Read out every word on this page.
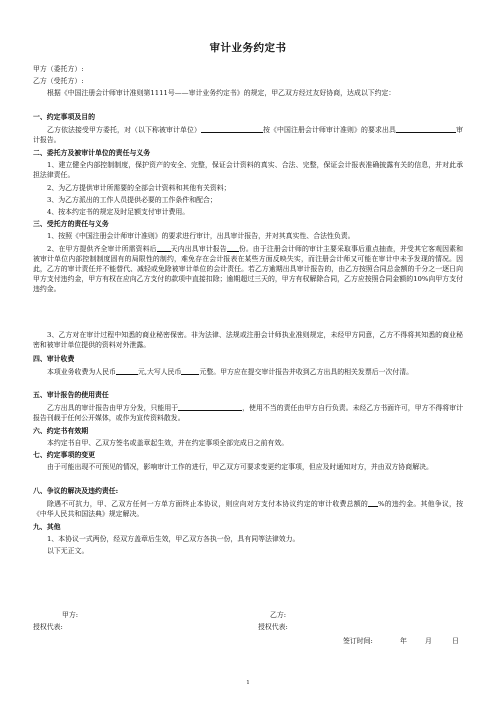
审计业务约定书
甲方（委托方）:
乙方（受托方）:
根据《中国注册会计师审计准则第1111号——审计业务约定书》的规定，甲乙双方经过友好协商，达成以下约定：
一、约定事项及目的
乙方依法接受甲方委托，对（以下称被审计单位）	按《中国注册会计师审计准则》的要求出具	审计报告。
二、委托方及被审计单位的责任与义务
1、建立健全内部控制制度，保护资产的安全、完整，保证会计资料的真实、合法、完整，保证会计报表准确披露有关的信息，并对此承担法律责任。
2、为乙方提供审计所需要的全部会计资料和其他有关资料；
3、为乙方派出的工作人员提供必要的工作条件和配合；
4、按本约定书的规定及时足额支付审计费用。
三、受托方的责任与义务
1、按照《中国注册会计师审计准则》的要求进行审计，出具审计报告，并对其真实性、合法性负责。
2、在甲方提供齐全审计所需资料后 天内出具审计报告 份。由于注册会计师的审计主要采取事后重点抽查，并受其它客观因素和被审计单位内部控制制度固有的局限性的制约，难免存在会计报表在某些方面反映失实，而注册会计师又可能在审计中未予发现的情况。因此，乙方的审计责任并不能替代、减轻或免除被审计单位的会计责任。若乙方逾期出具审计报告的，由乙方按照合同总金额的千分之一逐日向甲方支付违约金，甲方有权在应向乙方支付的款项中直接扣除；逾期超过三天的，甲方有权解除合同，乙方应按照合同金额的10%向甲方支付违约金。
3、乙方对在审计过程中知悉的商业秘密保密。非为法律、法规或注册会计师执业准则规定，未经甲方同意，乙方不得将其知悉的商业秘密和被审计单位提供的资料对外泄露。
四、审计收费
本项业务收费为人民币	元,大写人民币	元整。甲方应在提交审计报告并收到乙方出具的相关发票后一次付清。
五、审计报告的使用责任
乙方出具的审计报告由甲方分发，只能用于	，使用不当的责任由甲方自行负责。未经乙方书面许可，甲方不得将审计报告刊载于任何公开媒体，或作为宣传资料散发。
六、约定书有效期
本约定书自甲、乙双方签名或盖章起生效，并在约定事项全部完成日之前有效。
七、约定事项的变更
由于可能出现不可预见的情况，影响审计工作的进行，甲乙双方可要求变更约定事项，但应及时通知对方，并由双方协商解决。
八、争议的解决及违约责任:
除遇不可抗力，甲、乙双方任何一方单方面终止本协议，则应向对方支付本协议约定的审计收费总额的 %的违约金。其他争议，按《中华人民共和国法典》规定解决。
九、其他
1、本协议一式两份，经双方盖章后生效，甲乙双方各执一份，具有同等法律效力。
以下无正文。
甲方:	乙方:
授权代表:	授权代表:
签订时间:	年	月	日
1
